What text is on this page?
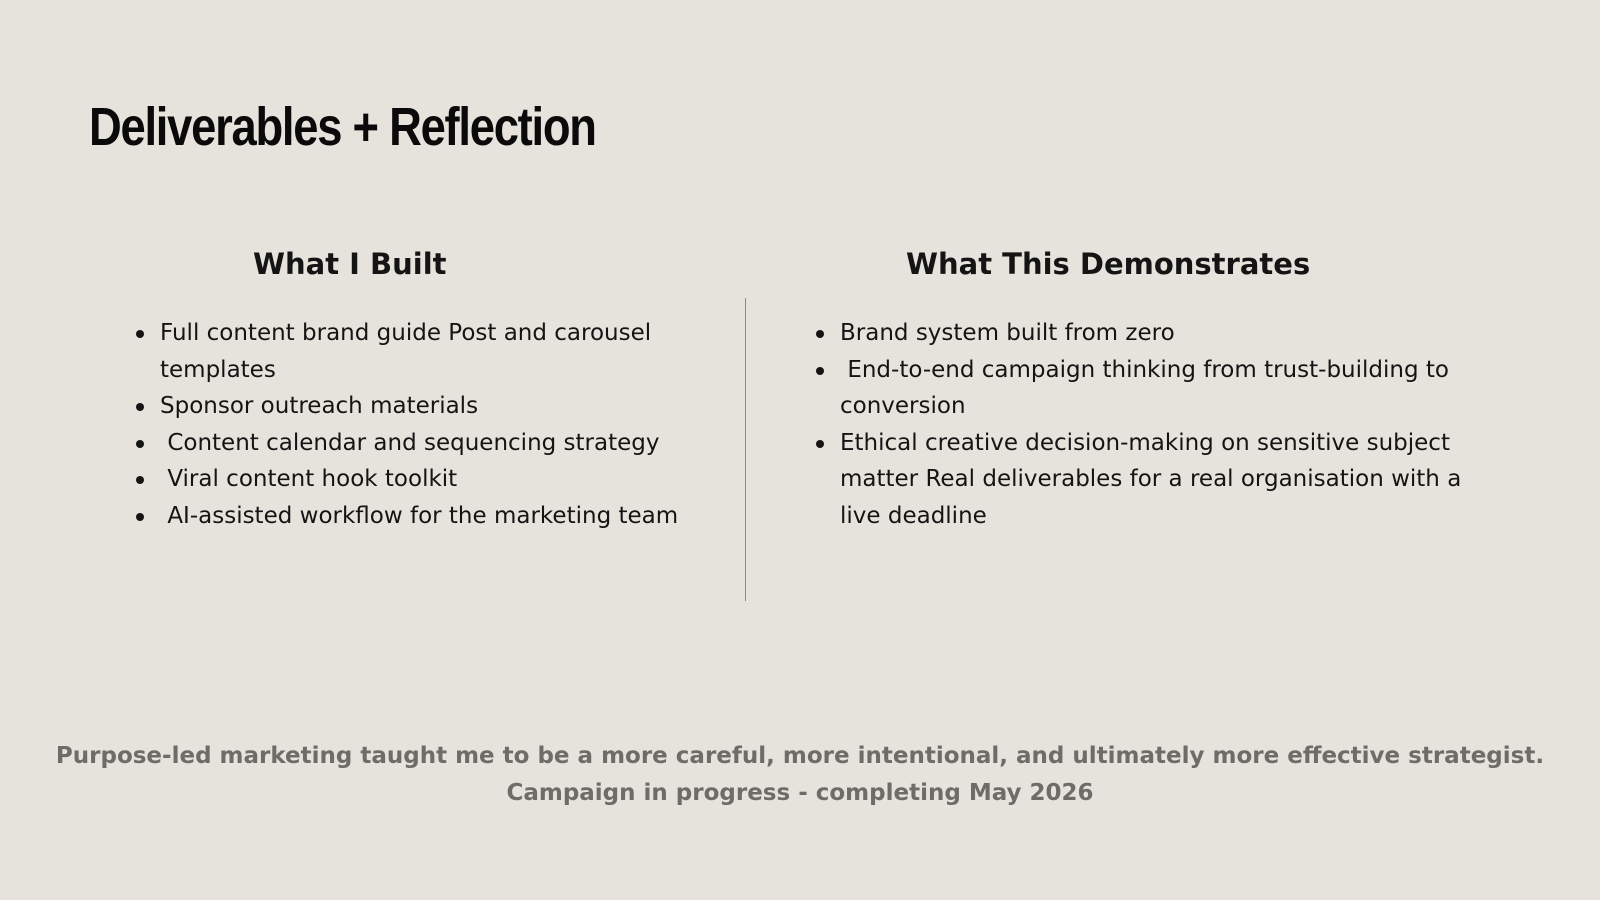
Deliverables + Reflection
What I Built
Full content brand guide Post and carousel templates
Sponsor outreach materials
Content calendar and sequencing strategy
Viral content hook toolkit
AI-assisted workflow for the marketing team
What This Demonstrates
Brand system built from zero
End-to-end campaign thinking from trust-building to conversion
Ethical creative decision-making on sensitive subject matter Real deliverables for a real organisation with a live deadline

Purpose-led marketing taught me to be a more careful, more intentional, and ultimately more effective strategist.

Campaign in progress - completing May 2026
